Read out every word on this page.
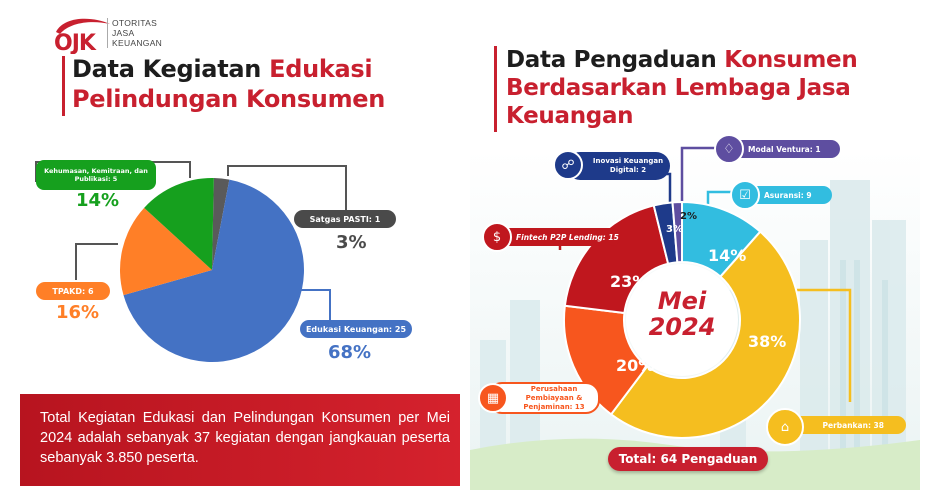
OJK
OTORITAS
JASA
KEUANGAN
Data Kegiatan Edukasi
Pelindungan Konsumen
Kehumasan, Kemitraan, dan Publikasi: 5
14%
TPAKD: 6
16%
Satgas PASTI: 1
3%
Edukasi Keuangan: 25
68%
Total Kegiatan Edukasi dan Pelindungan Konsumen per Mei 2024 adalah sebanyak 37 kegiatan dengan jangkauan peserta sebanyak 3.850 peserta.
Data Pengaduan Konsumen
Berdasarkan Lembaga Jasa
Keuangan
Mei
2024
38%
20%
23%
3%
2%
14%
Inovasi Keuangan Digital: 2
☍
Modal Ventura: 1
♢
Asuransi: 9
☑
Fintech P2P Lending: 15
$
Perusahaan Pembiayaan & Penjaminan: 13
▦
Perbankan: 38
⌂
Total: 64 Pengaduan
